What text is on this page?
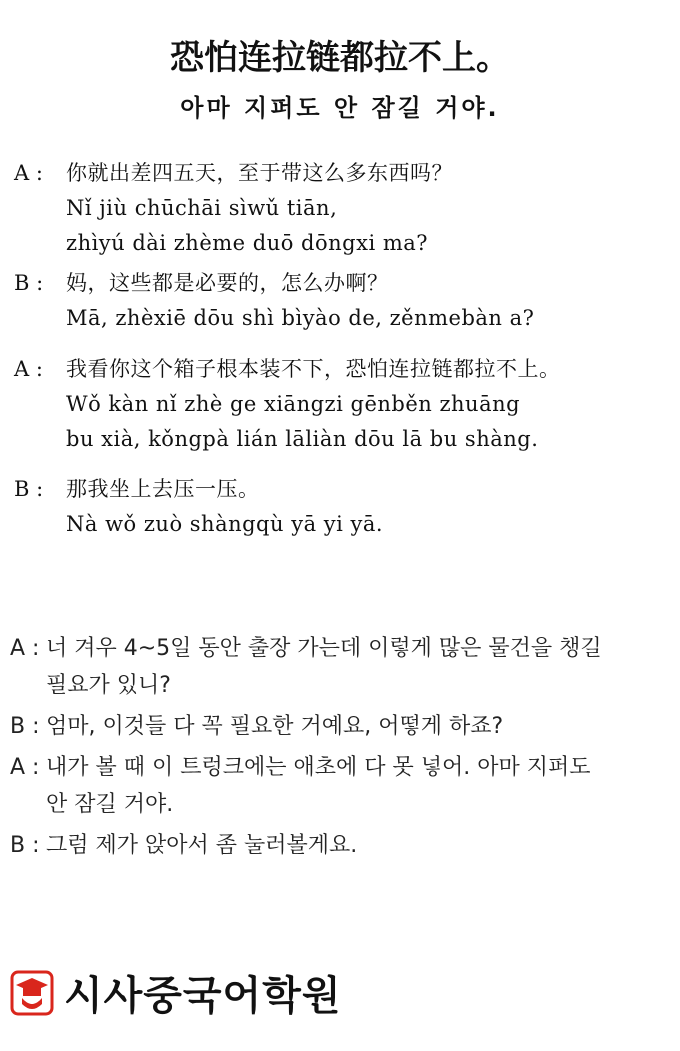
恐怕连拉链都拉不上。
아마 지퍼도 안 잠길 거야.
A :	你就出差四五天，至于带这么多东西吗？
Nǐ jiù chūchāi sìwǔ tiān,
zhìyú dài zhème duō dōngxi ma?
B :	妈，这些都是必要的，怎么办啊？
Mā, zhèxiē dōu shì bìyào de, zěnmebàn a?
A :	我看你这个箱子根本装不下，恐怕连拉链都拉不上。
Wǒ kàn nǐ zhè ge xiāngzi gēnběn zhuāng
bu xià, kǒngpà lián lāliàn dōu lā bu shàng.
B :	那我坐上去压一压。
Nà wǒ zuò shàngqù yā yi yā.
A : 너 겨우 4~5일 동안 출장 가는데 이렇게 많은 물건을 챙길
필요가 있니?
B : 엄마, 이것들 다 꼭 필요한 거예요, 어떻게 하죠?
A : 내가 볼 때 이 트렁크에는 애초에 다 못 넣어. 아마 지퍼도
안 잠길 거야.
B : 그럼 제가 앉아서 좀 눌러볼게요.
시사중국어학원
